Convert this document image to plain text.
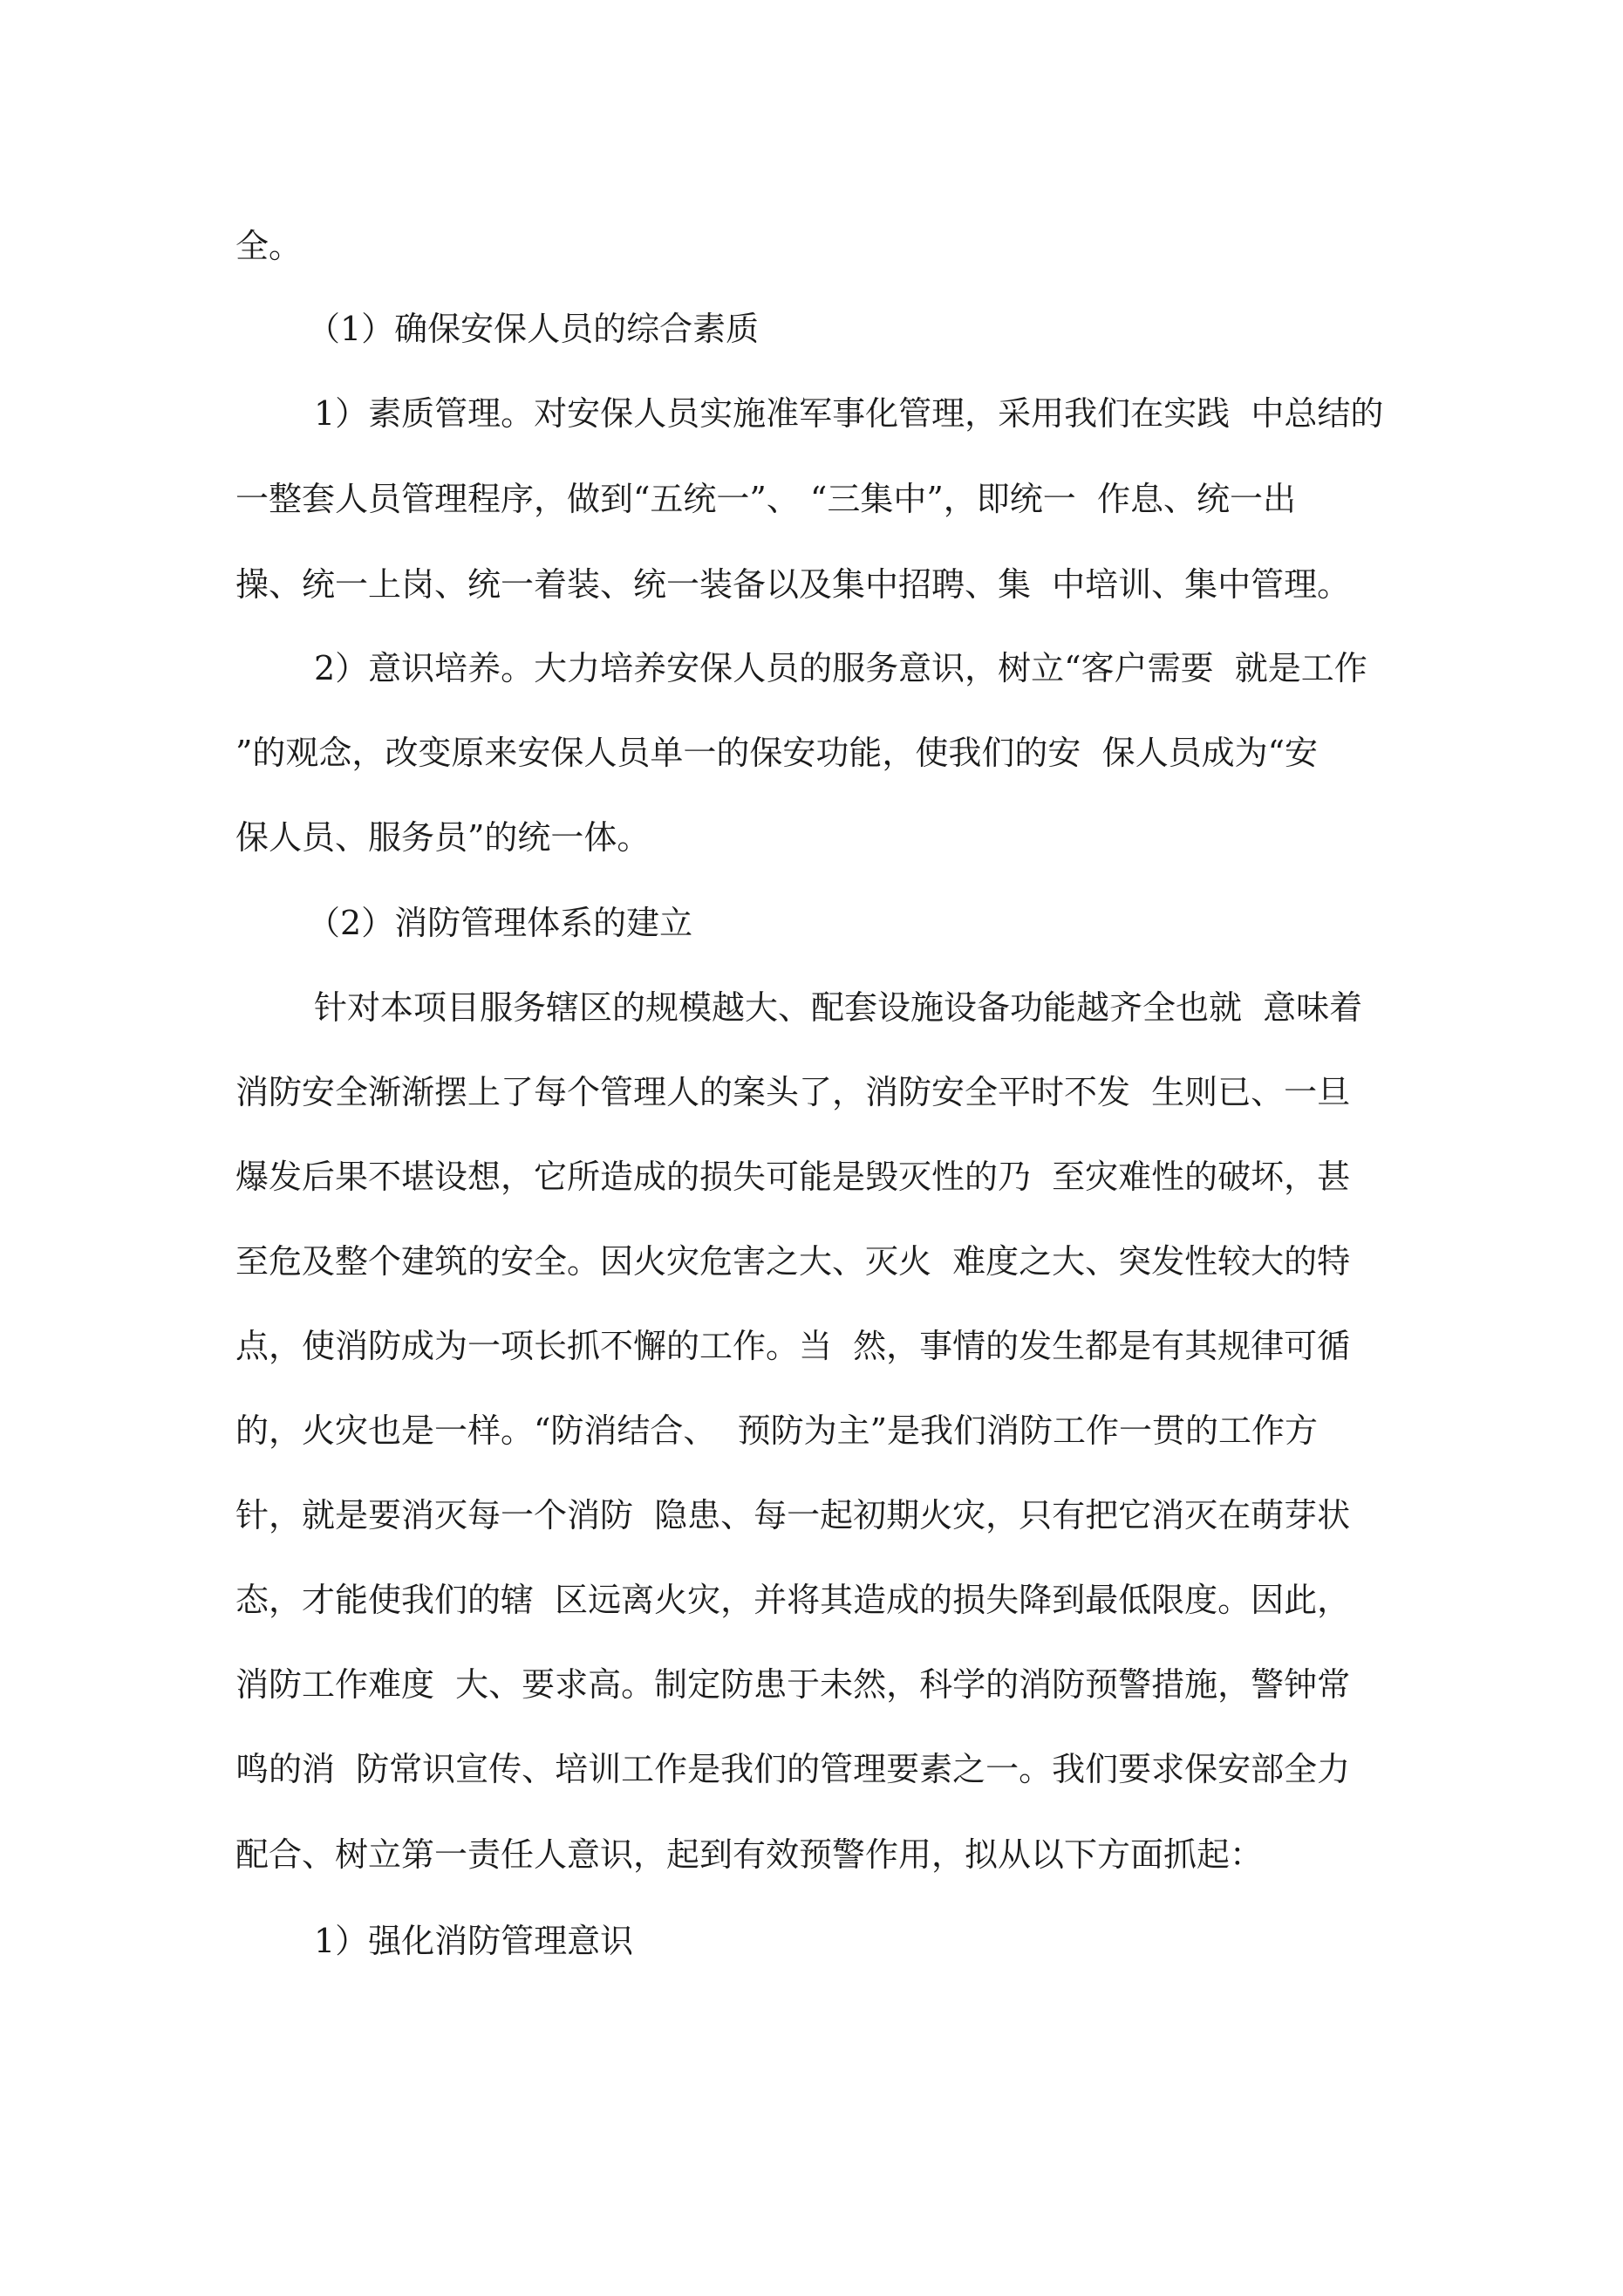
全。
（1）确保安保人员的综合素质
1）素质管理。对安保人员实施准军事化管理，采用我们在实践  中总结的
一整套人员管理程序，做到“五统一”、 “三集中”，即统一  作息、统一出
操、统一上岗、统一着装、统一装备以及集中招聘、集  中培训、集中管理。
2）意识培养。大力培养安保人员的服务意识，树立“客户需要  就是工作
”的观念，改变原来安保人员单一的保安功能，使我们的安  保人员成为“安
保人员、服务员”的统一体。
（2）消防管理体系的建立
针对本项目服务辖区的规模越大、配套设施设备功能越齐全也就  意味着
消防安全渐渐摆上了每个管理人的案头了，消防安全平时不发  生则已、一旦
爆发后果不堪设想，它所造成的损失可能是毁灭性的乃  至灾难性的破坏，甚
至危及整个建筑的安全。因火灾危害之大、灭火  难度之大、突发性较大的特
点，使消防成为一项长抓不懈的工作。当  然，事情的发生都是有其规律可循
的，火灾也是一样。“防消结合、  预防为主”是我们消防工作一贯的工作方
针，就是要消灭每一个消防  隐患、每一起初期火灾，只有把它消灭在萌芽状
态，才能使我们的辖  区远离火灾，并将其造成的损失降到最低限度。因此，
消防工作难度  大、要求高。制定防患于未然，科学的消防预警措施，警钟常
鸣的消  防常识宣传、培训工作是我们的管理要素之一。我们要求保安部全力
配合、树立第一责任人意识，起到有效预警作用，拟从以下方面抓起：
1）强化消防管理意识
